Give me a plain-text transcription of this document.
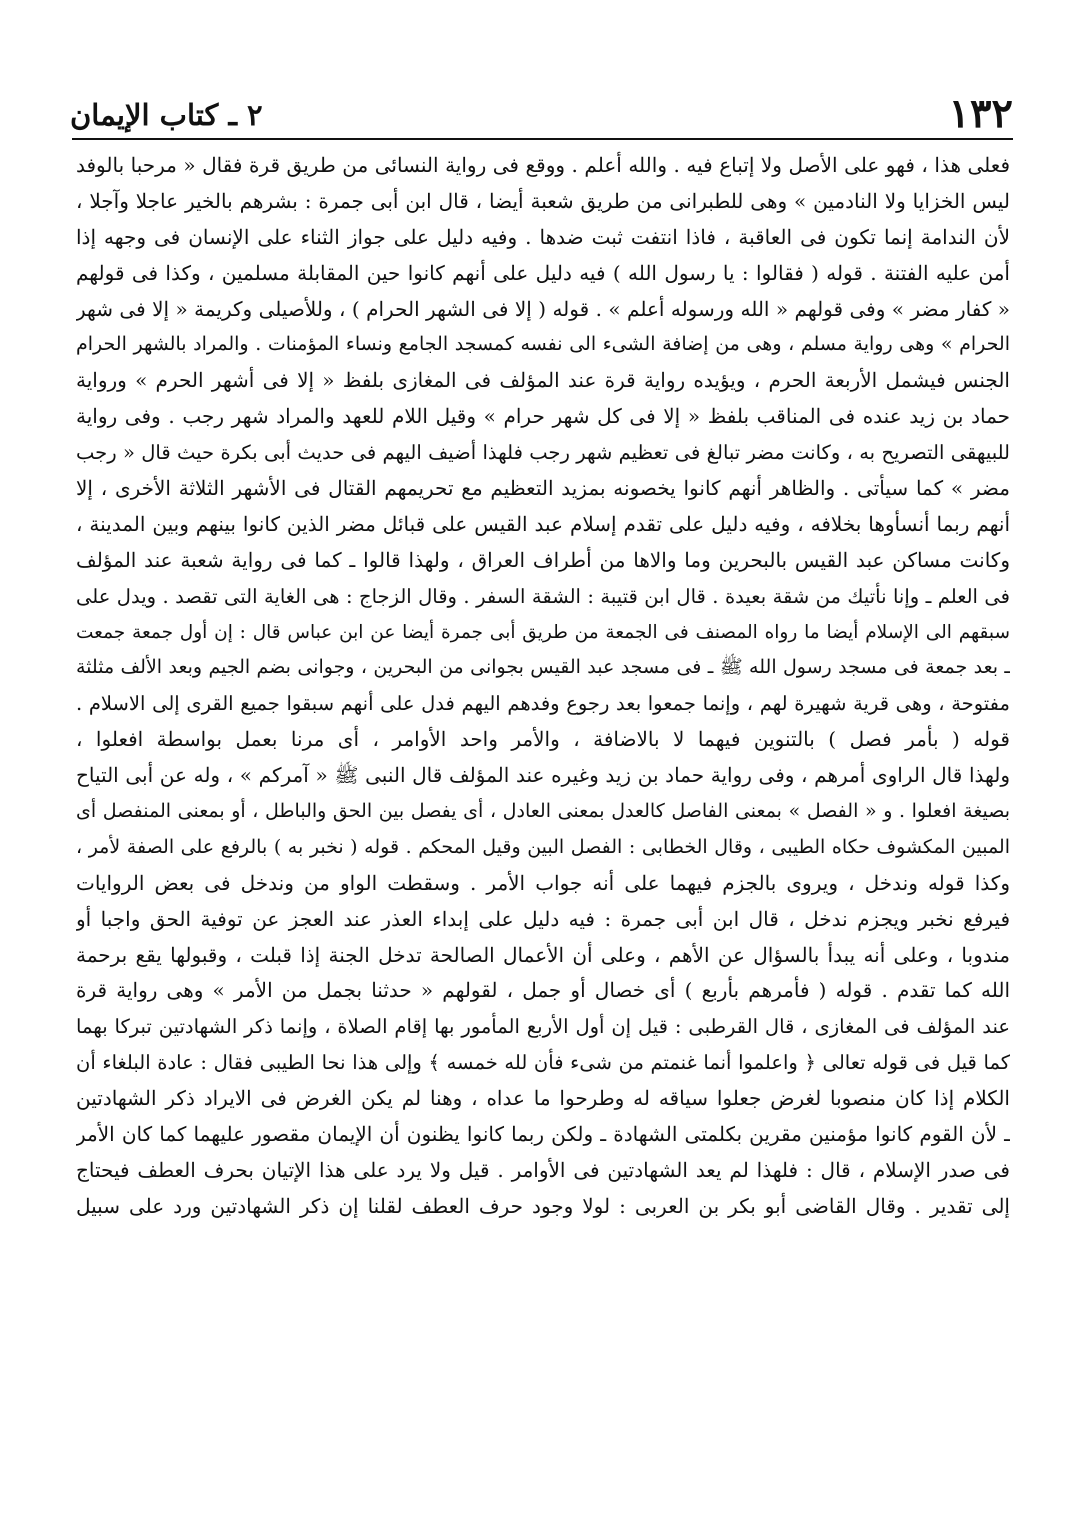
١٣٢
٢ ـ كتاب الإيمان
فعلى هذا ، فهو على الأصل ولا إتباع فيه . والله أعلم . ووقع فى رواية النسائى من طريق قرة فقال « مرحبا بالوفد
ليس الخزايا ولا النادمين » وهى للطبرانى من طريق شعبة أيضا ، قال ابن أبى جمرة : بشرهم بالخير عاجلا وآجلا ،
لأن الندامة إنما تكون فى العاقبة ، فاذا انتفت ثبت ضدها . وفيه دليل على جواز الثناء على الإنسان فى وجهه إذا
أمن عليه الفتنة . قوله ( فقالوا : يا رسول الله ) فيه دليل على أنهم كانوا حين المقابلة مسلمين ، وكذا فى قولهم
« كفار مضر » وفى قولهم « الله ورسوله أعلم » . قوله ( إلا فى الشهر الحرام ) ، وللأصيلى وكريمة « إلا فى شهر
الحرام » وهى رواية مسلم ، وهى من إضافة الشىء الى نفسه كمسجد الجامع ونساء المؤمنات . والمراد بالشهر الحرام
الجنس فيشمل الأربعة الحرم ، ويؤيده رواية قرة عند المؤلف فى المغازى بلفظ « إلا فى أشهر الحرم » ورواية
حماد بن زيد عنده فى المناقب بلفظ « إلا فى كل شهر حرام » وقيل اللام للعهد والمراد شهر رجب . وفى رواية
للبيهقى التصريح به ، وكانت مضر تبالغ فى تعظيم شهر رجب فلهذا أضيف اليهم فى حديث أبى بكرة حيث قال « رجب
مضر » كما سيأتى . والظاهر أنهم كانوا يخصونه بمزيد التعظيم مع تحريمهم القتال فى الأشهر الثلاثة الأخرى ، إلا
أنهم ربما أنسأوها بخلافه ، وفيه دليل على تقدم إسلام عبد القيس على قبائل مضر الذين كانوا بينهم وبين المدينة ،
وكانت مساكن عبد القيس بالبحرين وما والاها من أطراف العراق ، ولهذا قالوا ـ كما فى رواية شعبة عند المؤلف
فى العلم ـ وإنا نأتيك من شقة بعيدة . قال ابن قتيبة : الشقة السفر . وقال الزجاج : هى الغاية التى تقصد . ويدل على
سبقهم الى الإسلام أيضا ما رواه المصنف فى الجمعة من طريق أبى جمرة أيضا عن ابن عباس قال : إن أول جمعة جمعت
ـ بعد جمعة فى مسجد رسول الله ﷺ ـ فى مسجد عبد القيس بجوانى من البحرين ، وجوانى بضم الجيم وبعد الألف مثلثة
مفتوحة ، وهى قرية شهيرة لهم ، وإنما جمعوا بعد رجوع وفدهم اليهم فدل على أنهم سبقوا جميع القرى إلى الاسلام .
قوله ( بأمر فصل ) بالتنوين فيهما لا بالاضافة ، والأمر واحد الأوامر ، أى مرنا بعمل بواسطة افعلوا ،
ولهذا قال الراوى أمرهم ، وفى رواية حماد بن زيد وغيره عند المؤلف قال النبى ﷺ « آمركم » ، وله عن أبى التياح
بصيغة افعلوا . و « الفصل » بمعنى الفاصل كالعدل بمعنى العادل ، أى يفصل بين الحق والباطل ، أو بمعنى المنفصل أى
المبين المكشوف حكاه الطيبى ، وقال الخطابى : الفصل البين وقيل المحكم . قوله ( نخبر به ) بالرفع على الصفة لأمر ،
وكذا قوله وندخل ، ويروى بالجزم فيهما على أنه جواب الأمر . وسقطت الواو من وندخل فى بعض الروايات
فيرفع نخبر ويجزم ندخل ، قال ابن أبى جمرة : فيه دليل على إبداء العذر عند العجز عن توفية الحق واجبا أو
مندوبا ، وعلى أنه يبدأ بالسؤال عن الأهم ، وعلى أن الأعمال الصالحة تدخل الجنة إذا قبلت ، وقبولها يقع برحمة
الله كما تقدم . قوله ( فأمرهم بأربع ) أى خصال أو جمل ، لقولهم « حدثنا بجمل من الأمر » وهى رواية قرة
عند المؤلف فى المغازى ، قال القرطبى : قيل إن أول الأربع المأمور بها إقام الصلاة ، وإنما ذكر الشهادتين تبركا بهما
كما قيل فى قوله تعالى ﴿ واعلموا أنما غنمتم من شىء فأن لله خمسه ﴾ وإلى هذا نحا الطيبى فقال : عادة البلغاء أن
الكلام إذا كان منصوبا لغرض جعلوا سياقه له وطرحوا ما عداه ، وهنا لم يكن الغرض فى الايراد ذكر الشهادتين
ـ لأن القوم كانوا مؤمنين مقرين بكلمتى الشهادة ـ ولكن ربما كانوا يظنون أن الإيمان مقصور عليهما كما كان الأمر
فى صدر الإسلام ، قال : فلهذا لم يعد الشهادتين فى الأوامر . قيل ولا يرد على هذا الإتيان بحرف العطف فيحتاج
إلى تقدير . وقال القاضى أبو بكر بن العربى : لولا وجود حرف العطف لقلنا إن ذكر الشهادتين ورد على سبيل
